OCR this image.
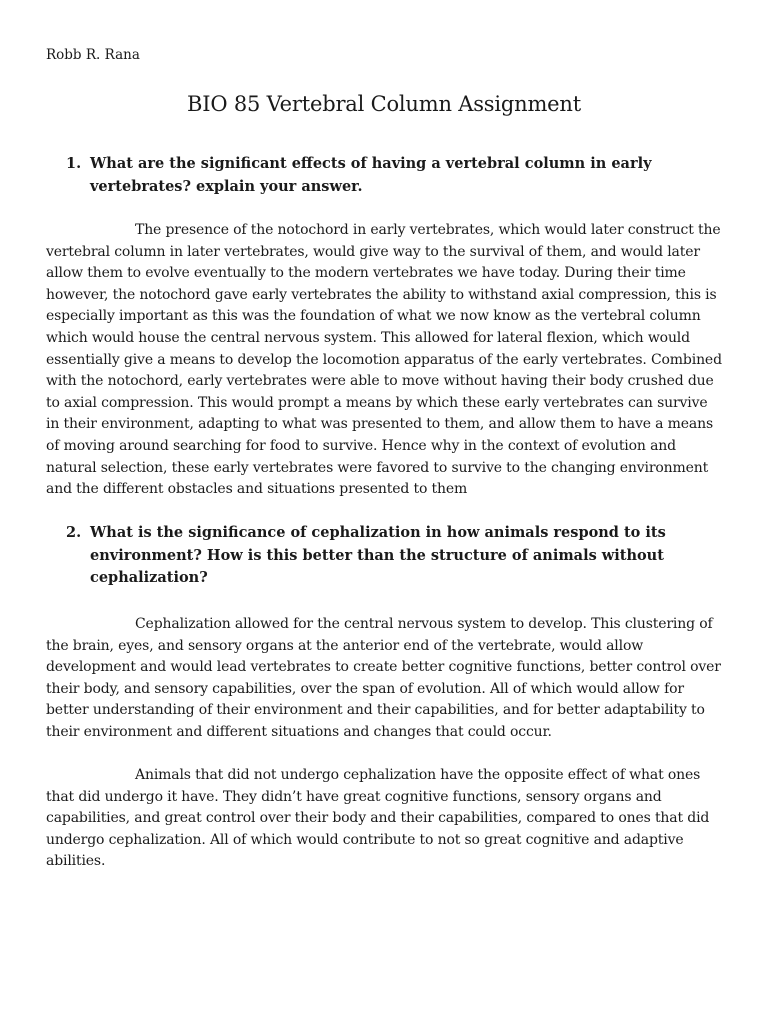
Robb R. Rana
BIO 85 Vertebral Column Assignment
1. What are the significant effects of having a vertebral column in early vertebrates? explain your answer.

The presence of the notochord in early vertebrates, which would later construct the vertebral column in later vertebrates, would give way to the survival of them, and would later allow them to evolve eventually to the modern vertebrates we have today. During their time however, the notochord gave early vertebrates the ability to withstand axial compression, this is especially important as this was the foundation of what we now know as the vertebral column which would house the central nervous system. This allowed for lateral flexion, which would essentially give a means to develop the locomotion apparatus of the early vertebrates. Combined with the notochord, early vertebrates were able to move without having their body crushed due to axial compression. This would prompt a means by which these early vertebrates can survive in their environment, adapting to what was presented to them, and allow them to have a means of moving around searching for food to survive. Hence why in the context of evolution and natural selection, these early vertebrates were favored to survive to the changing environment and the different obstacles and situations presented to them

2. What is the significance of cephalization in how animals respond to its environment? How is this better than the structure of animals without cephalization?

Cephalization allowed for the central nervous system to develop. This clustering of the brain, eyes, and sensory organs at the anterior end of the vertebrate, would allow development and would lead vertebrates to create better cognitive functions, better control over their body, and sensory capabilities, over the span of evolution. All of which would allow for better understanding of their environment and their capabilities, and for better adaptability to their environment and different situations and changes that could occur.

Animals that did not undergo cephalization have the opposite effect of what ones that did undergo it have. They didn’t have great cognitive functions, sensory organs and capabilities, and great control over their body and their capabilities, compared to ones that did undergo cephalization. All of which would contribute to not so great cognitive and adaptive abilities.
